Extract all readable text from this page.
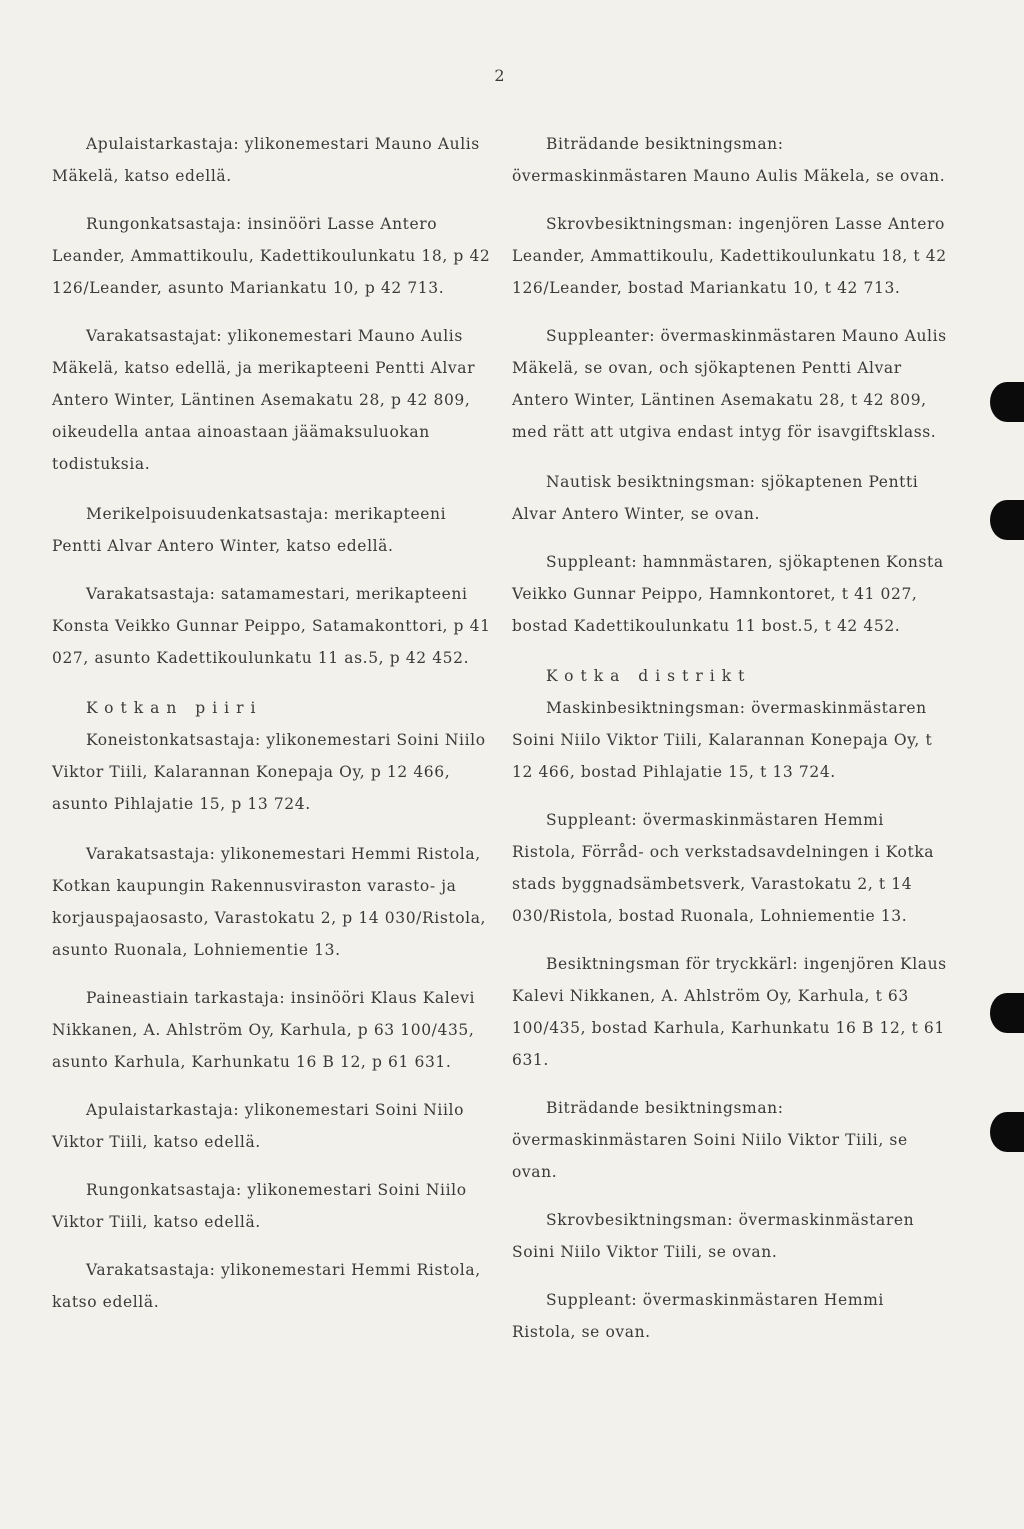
2

Apulaistarkastaja: ylikonemestari Mauno Aulis Mäkelä, katso edellä.

Rungonkatsastaja: insinööri Lasse Antero Leander, Ammattikoulu, Kadettikoulunkatu 18, p 42 126/Leander, asunto Mariankatu 10, p 42 713.

Varakatsastajat: ylikonemestari Mauno Aulis Mäkelä, katso edellä, ja merikapteeni Pentti Alvar Antero Winter, Läntinen Asemakatu 28, p 42 809, oikeudella antaa ainoastaan jäämaksuluokan todistuksia.

Merikelpoisuudenkatsastaja: merikapteeni Pentti Alvar Antero Winter, katso edellä.

Varakatsastaja: satamamestari, merikapteeni Konsta Veikko Gunnar Peippo, Satamakonttori, p 41 027, asunto Kadettikoulunkatu 11 as.5, p 42 452.

Kotkan piiri

Koneistonkatsastaja: ylikonemestari Soini Niilo Viktor Tiili, Kalarannan Konepaja Oy, p 12 466, asunto Pihlajatie 15, p 13 724.

Varakatsastaja: ylikonemestari Hemmi Ristola, Kotkan kaupungin Rakennusviraston varasto- ja korjauspajaosasto, Varastokatu 2, p 14 030/Ristola, asunto Ruonala, Lohniementie 13.

Paineastiain tarkastaja: insinööri Klaus Kalevi Nikkanen, A. Ahlström Oy, Karhula, p 63 100/435, asunto Karhula, Karhunkatu 16 B 12, p 61 631.

Apulaistarkastaja: ylikonemestari Soini Niilo Viktor Tiili, katso edellä.

Rungonkatsastaja: ylikonemestari Soini Niilo Viktor Tiili, katso edellä.

Varakatsastaja: ylikonemestari Hemmi Ristola, katso edellä.

Biträdande besiktningsman: övermaskinmästaren Mauno Aulis Mäkela, se ovan.

Skrovbesiktningsman: ingenjören Lasse Antero Leander, Ammattikoulu, Kadettikoulunkatu 18, t 42 126/Leander, bostad Mariankatu 10, t 42 713.

Suppleanter: övermaskinmästaren Mauno Aulis Mäkelä, se ovan, och sjökaptenen Pentti Alvar Antero Winter, Läntinen Asemakatu 28, t 42 809, med rätt att utgiva endast intyg för isavgiftsklass.

Nautisk besiktningsman: sjökaptenen Pentti Alvar Antero Winter, se ovan.

Suppleant: hamnmästaren, sjökaptenen Konsta Veikko Gunnar Peippo, Hamnkontoret, t 41 027, bostad Kadettikoulunkatu 11 bost.5, t 42 452.

Kotka distrikt

Maskinbesiktningsman: övermaskinmästaren Soini Niilo Viktor Tiili, Kalarannan Konepaja Oy, t 12 466, bostad Pihlajatie 15, t 13 724.

Suppleant: övermaskinmästaren Hemmi Ristola, Förråd- och verkstadsavdelningen i Kotka stads byggnadsämbetsverk, Varastokatu 2, t 14 030/Ristola, bostad Ruonala, Lohniementie 13.

Besiktningsman för tryckkärl: ingenjören Klaus Kalevi Nikkanen, A. Ahlström Oy, Karhula, t 63 100/435, bostad Karhula, Karhunkatu 16 B 12, t 61 631.

Biträdande besiktningsman: övermaskinmästaren Soini Niilo Viktor Tiili, se ovan.

Skrovbesiktningsman: övermaskinmästaren Soini Niilo Viktor Tiili, se ovan.

Suppleant: övermaskinmästaren Hemmi Ristola, se ovan.
